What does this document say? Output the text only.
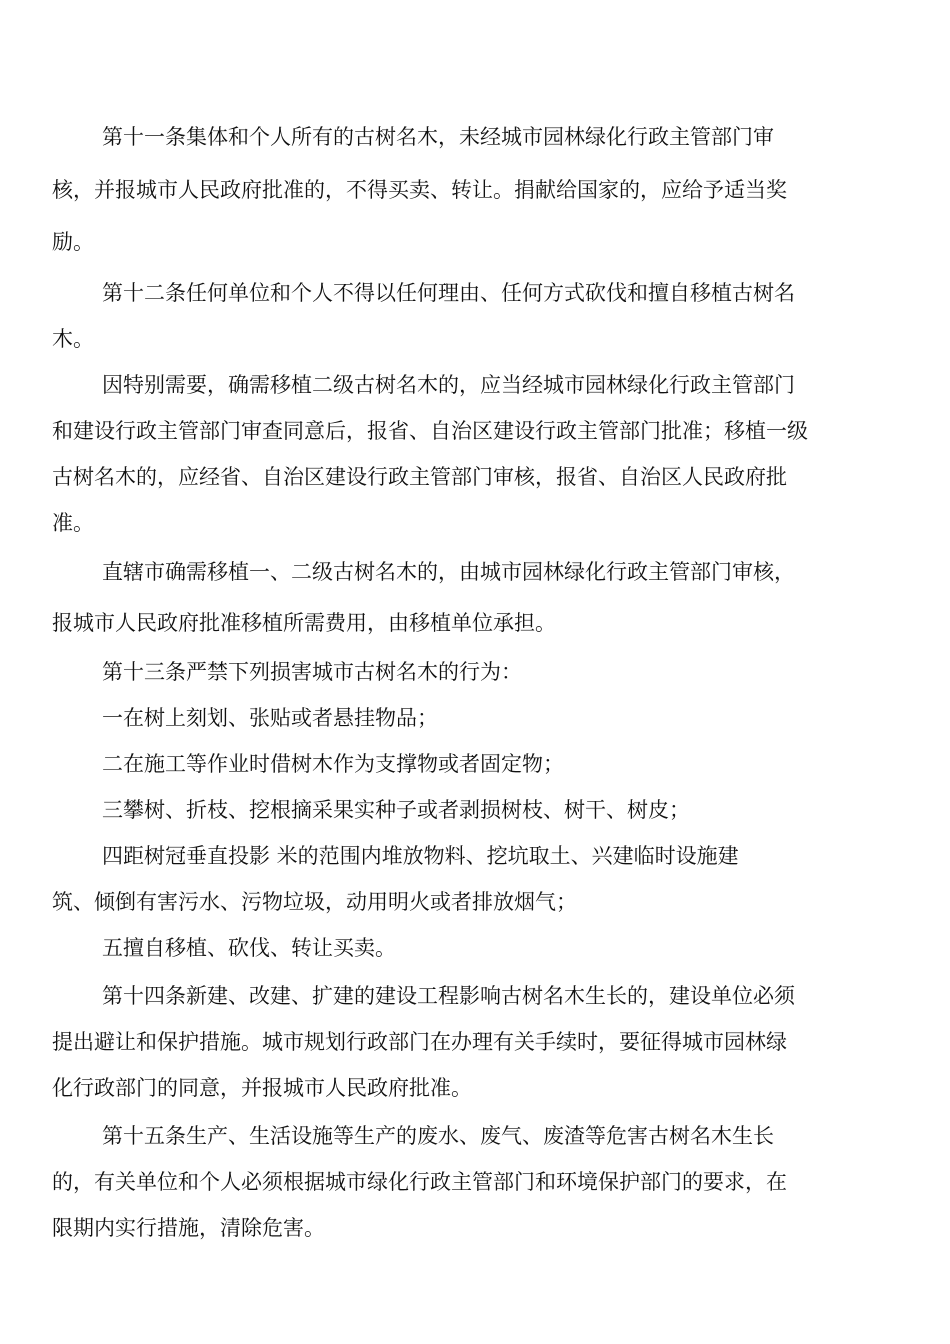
第十一条集体和个人所有的古树名木，未经城市园林绿化行政主管部门审
核，并报城市人民政府批准的，不得买卖、转让。捐献给国家的，应给予适当奖
励。
第十二条任何单位和个人不得以任何理由、任何方式砍伐和擅自移植古树名
木。
因特别需要，确需移植二级古树名木的，应当经城市园林绿化行政主管部门
和建设行政主管部门审查同意后，报省、自治区建设行政主管部门批准；移植一级
古树名木的，应经省、自治区建设行政主管部门审核，报省、自治区人民政府批
准。
直辖市确需移植一、二级古树名木的，由城市园林绿化行政主管部门审核，
报城市人民政府批准移植所需费用，由移植单位承担。
第十三条严禁下列损害城市古树名木的行为：
一在树上刻划、张贴或者悬挂物品；
二在施工等作业时借树木作为支撑物或者固定物；
三攀树、折枝、挖根摘采果实种子或者剥损树枝、树干、树皮；
四距树冠垂直投影 米的范围内堆放物料、挖坑取土、兴建临时设施建
筑、倾倒有害污水、污物垃圾，动用明火或者排放烟气；
五擅自移植、砍伐、转让买卖。
第十四条新建、改建、扩建的建设工程影响古树名木生长的，建设单位必须
提出避让和保护措施。城市规划行政部门在办理有关手续时，要征得城市园林绿
化行政部门的同意，并报城市人民政府批准。
第十五条生产、生活设施等生产的废水、废气、废渣等危害古树名木生长
的，有关单位和个人必须根据城市绿化行政主管部门和环境保护部门的要求，在
限期内实行措施，清除危害。
